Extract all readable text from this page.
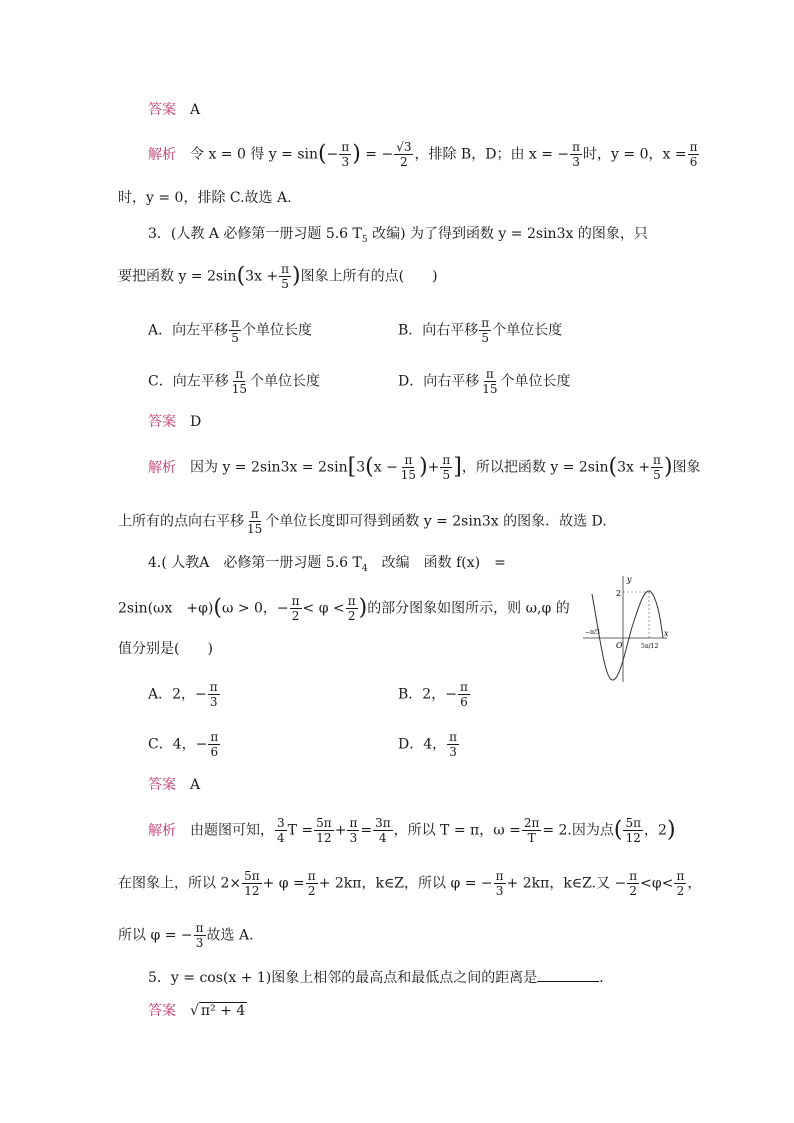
答案 A
解析 令 x = 0 得 $y = \sin(- \frac{\pi}{3}$ ) = − $\frac{√3}{2}$ ，排除 B，D；由 x = − $\frac{\pi}{3}$ 时，y = 0，$x = \frac{\pi}{6}$
时，y = 0，排除 C.故选 A.
3．(人教 A 必修第一册习题 5.6 $T_5$ 改编) 为了得到函数 y = 2sin3x 的图象，只
要把函数 $y = 2\sin(3x + \frac{\pi}{5}$ )图象上所有的点(　　)
A．向左平移 $\frac{\pi}{5}$ 个单位长度	B．向右平移 $\frac{\pi}{5}$ 个单位长度
C．向左平移 $\frac{\pi}{15}$ 个单位长度	D．向右平移 $\frac{\pi}{15}$ 个单位长度
答案 D
解析 因为 $y = 2\sin 3x = 2\sin[3(x - \frac{\pi}{15}$ )+ $\frac{\pi}{5}$ ]，所以把函数 $y = 2\sin(3x + \frac{\pi}{5}$ )图象
上所有的点向右平移 $\frac{\pi}{15}$ 个单位长度即可得到函数 y = 2sin3x 的图象．故选 D.
4.( 人教A　必修第一册习题 5.6 $T_4$　改编　函数 f(x)　=
2sin(ωx　+φ)(ω > 0，− $\frac{\pi}{2} < \varphi < \frac{\pi}{2}$ )的部分图象如图所示，则 ω,φ 的
值分别是(　　)
y
x
2
O
−π/3
5π/12
A．2，− $\frac{\pi}{3}$	B．2，− $\frac{\pi}{6}$
C．4，− $\frac{\pi}{6}$	D．4， $\frac{\pi}{3}$
答案 A
解析 由题图可知， $\frac{3}{4}$ $T = \frac{5\pi}{12} + \frac{\pi}{3} = \frac{3\pi}{4}$ ，所以 T = π，$\omega = \frac{2\pi}{T} = 2$.因为点( $\frac{5\pi}{12}$ ，2)
在图象上，所以 $2\times \frac{5\pi}{12} + \varphi = \frac{\pi}{2} + 2k\pi$，k∈Z，所以 φ = − $\frac{\pi}{3} + 2k\pi$，k∈Z.又 − $\frac{\pi}{2} <\varphi< \frac{\pi}{2}$ ，
所以 φ = − $\frac{\pi}{3}$ 故选 A.
5．y = cos(x + 1)图象上相邻的最高点和最低点之间的距离是	．
答案 √ π² + 4
